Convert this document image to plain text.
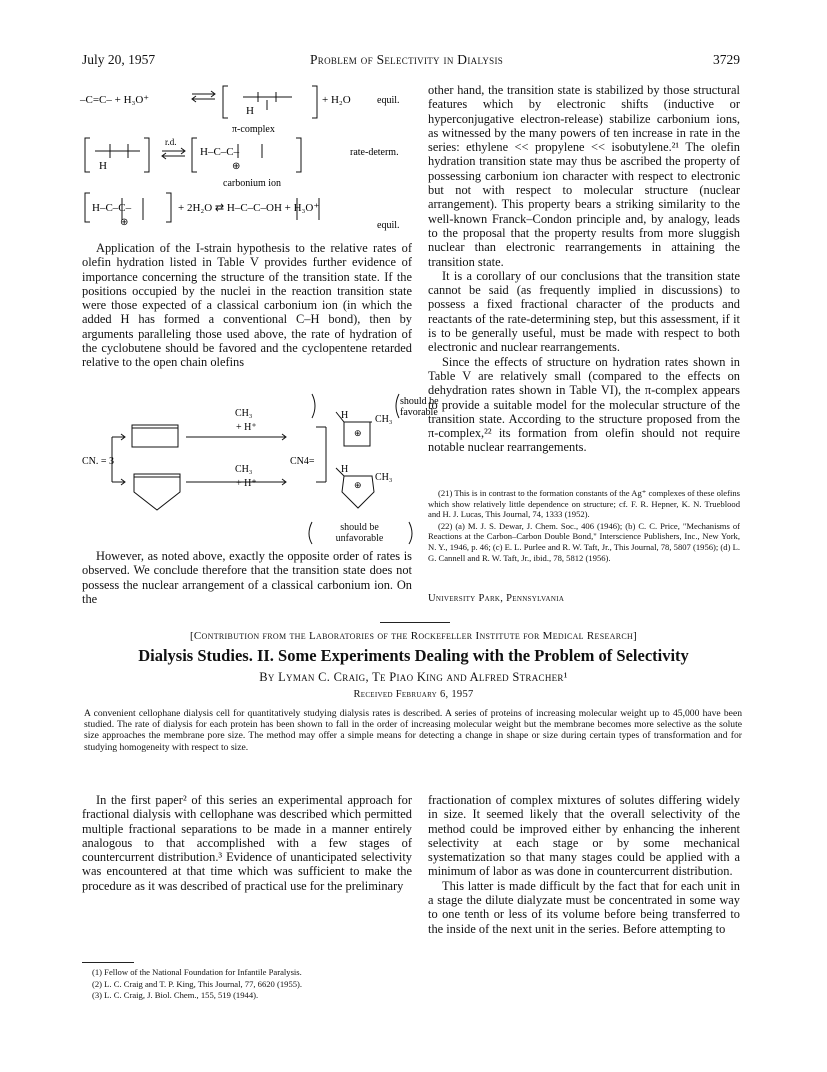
July 20, 1957	Problem of Selectivity in Dialysis	3729
–C=C– + H₃O⁺
H
+ H₂O	equil.
π-complex
r.d.
H
H–C–C–
⊕
rate-determ.
carbonium ion
H–C–C–
⊕
+ 2H₂O ⇄ H–C–C–OH + H₃O⁺
equil.

Application of the I-strain hypothesis to the relative rates of olefin hydration listed in Table V provides further evidence of importance concerning the structure of the transition state. If the positions occupied by the nuclei in the reaction transition state were those expected of a classical carbonium ion (in which the added H has formed a conventional C–H bond), then by arguments paralleling those used above, the rate of hydration of the cyclobutene should be favored and the cyclopentene retarded relative to the open chain olefins

CH₃
+ H⁺
CH₃
+ H⁺
CN. = 3	CN4=
H
⊕
CH₃
H
⊕
CH₃
should be
favorable
should be
unfavorable

However, as noted above, exactly the opposite order of rates is observed. We conclude therefore that the transition state does not possess the nuclear arrangement of a classical carbonium ion. On the

other hand, the transition state is stabilized by those structural features which by electronic shifts (inductive or hyperconjugative electron-release) stabilize carbonium ions, as witnessed by the many powers of ten increase in rate in the series: ethylene << propylene << isobutylene.²¹ The olefin hydration transition state may thus be ascribed the property of possessing carbonium ion character with respect to electronic but not with respect to molecular structure (nuclear arrangement). This property bears a striking similarity to the well-known Franck–Condon principle and, by analogy, leads to the proposal that the property results from more sluggish nuclear than electronic rearrangements in attaining the transition state.

It is a corollary of our conclusions that the transition state cannot be said (as frequently implied in discussions) to possess a fixed fractional character of the products and reactants of the rate-determining step, but this assessment, if it is to be generally useful, must be made with respect to both electronic and nuclear rearrangements.

Since the effects of structure on hydration rates shown in Table V are relatively small (compared to the effects on dehydration rates shown in Table VI), the π-complex appears to provide a suitable model for the molecular structure of the transition state. According to the structure proposed from the π-complex,²² its formation from olefin should not require notable nuclear rearrangements.

(21) This is in contrast to the formation constants of the Ag⁺ complexes of these olefins which show relatively little dependence on structure; cf. F. R. Hepner, K. N. Trueblood and H. J. Lucas, This Journal, 74, 1333 (1952).

(22) (a) M. J. S. Dewar, J. Chem. Soc., 406 (1946); (b) C. C. Price, "Mechanisms of Reactions at the Carbon–Carbon Double Bond," Interscience Publishers, Inc., New York, N. Y., 1946, p. 46; (c) E. L. Purlee and R. W. Taft, Jr., This Journal, 78, 5807 (1956); (d) L. G. Cannell and R. W. Taft, Jr., ibid., 78, 5812 (1956).

University Park, Pennsylvania
[Contribution from the Laboratories of the Rockefeller Institute for Medical Research]
Dialysis Studies. II. Some Experiments Dealing with the Problem of Selectivity
By Lyman C. Craig, Te Piao King and Alfred Stracher¹
Received February 6, 1957
A convenient cellophane dialysis cell for quantitatively studying dialysis rates is described. A series of proteins of increasing molecular weight up to 45,000 have been studied. The rate of dialysis for each protein has been shown to fall in the order of increasing molecular weight but the membrane becomes more selective as the solute size approaches the membrane pore size. The method may offer a simple means for detecting a change in shape or size during certain types of transformation and for studying homogeneity with respect to size.

In the first paper² of this series an experimental approach for fractional dialysis with cellophane was described which permitted multiple fractional separations to be made in a manner entirely analogous to that accomplished with a few stages of countercurrent distribution.³ Evidence of unanticipated selectivity was encountered at that time which was sufficient to make the procedure as it was described of practical use for the preliminary

(1) Fellow of the National Foundation for Infantile Paralysis.

(2) L. C. Craig and T. P. King, This Journal, 77, 6620 (1955).

(3) L. C. Craig, J. Biol. Chem., 155, 519 (1944).

fractionation of complex mixtures of solutes differing widely in size. It seemed likely that the overall selectivity of the method could be improved either by enhancing the inherent selectivity at each stage or by some mechanical systematization so that many stages could be applied with a minimum of labor as was done in countercurrent distribution.

This latter is made difficult by the fact that for each unit in a stage the dilute dialyzate must be concentrated in some way to one tenth or less of its volume before being transferred to the inside of the next unit in the series. Before attempting to
